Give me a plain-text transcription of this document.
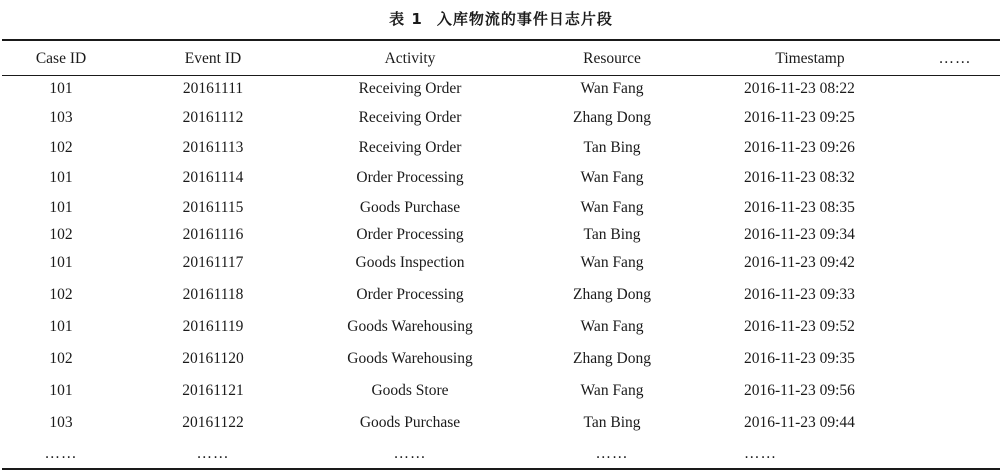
表 1 入库物流的事件日志片段
Case ID	Event ID	Activity	Resource	Timestamp	……
101	20161111	Receiving Order	Wan Fang	2016-11-23 08:22	
103	20161112	Receiving Order	Zhang Dong	2016-11-23 09:25	
102	20161113	Receiving Order	Tan Bing	2016-11-23 09:26	
101	20161114	Order Processing	Wan Fang	2016-11-23 08:32	
101	20161115	Goods Purchase	Wan Fang	2016-11-23 08:35	
102	20161116	Order Processing	Tan Bing	2016-11-23 09:34	
101	20161117	Goods Inspection	Wan Fang	2016-11-23 09:42	
102	20161118	Order Processing	Zhang Dong	2016-11-23 09:33	
101	20161119	Goods Warehousing	Wan Fang	2016-11-23 09:52	
102	20161120	Goods Warehousing	Zhang Dong	2016-11-23 09:35	
101	20161121	Goods Store	Wan Fang	2016-11-23 09:56	
103	20161122	Goods Purchase	Tan Bing	2016-11-23 09:44	
……	……	……	……	……	
